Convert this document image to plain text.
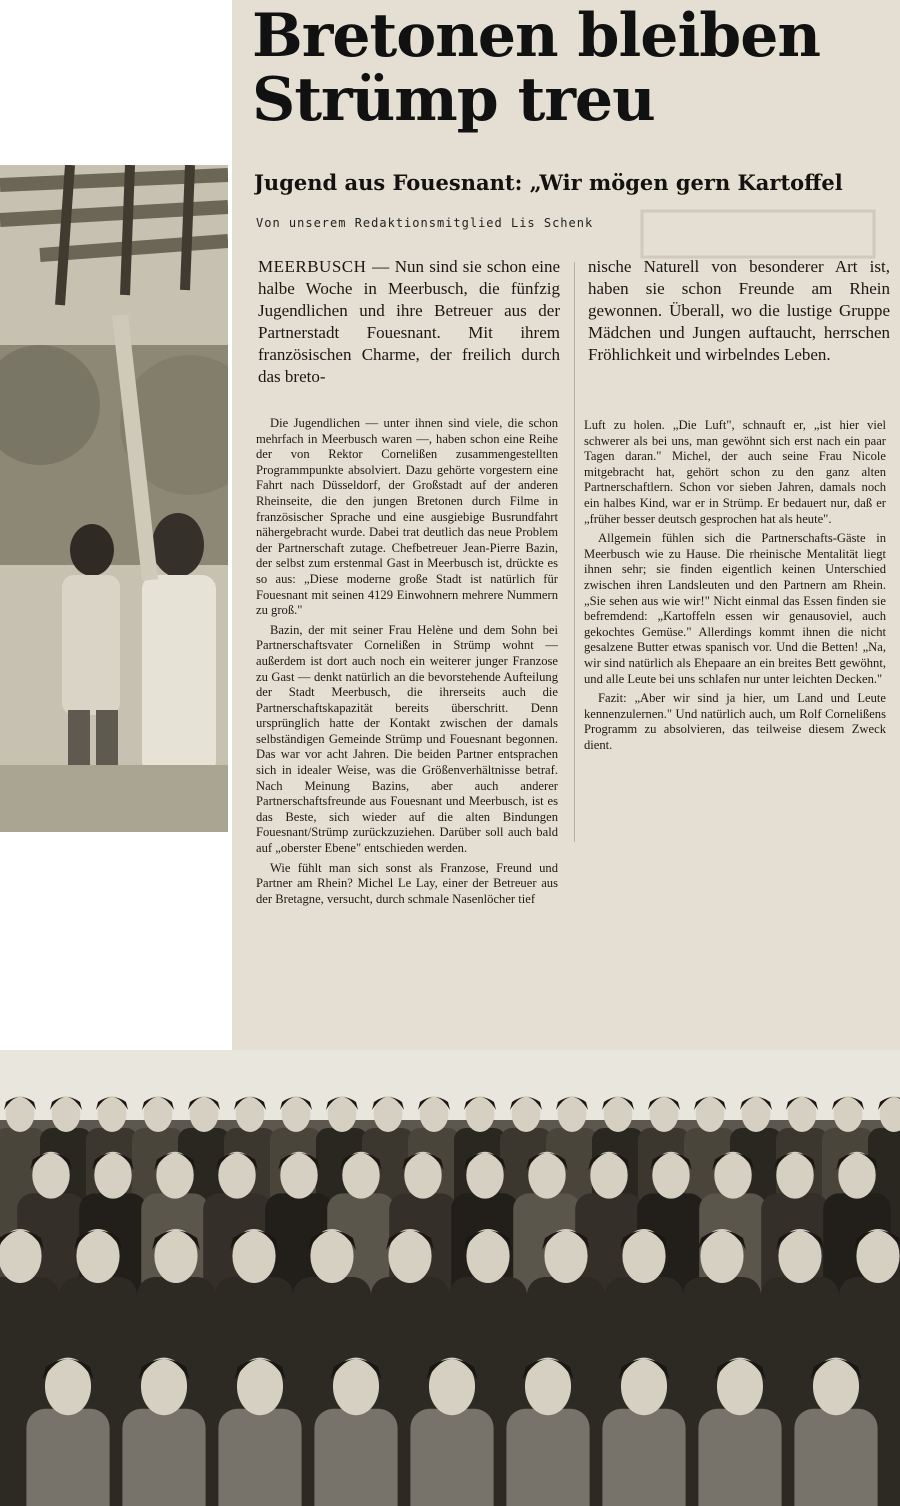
Bretonen bleiben Strümp treu
Jugend aus Fouesnant: „Wir mögen gern Kartoffel
Von unserem Redaktionsmitglied Lis Schenk

MEERBUSCH — Nun sind sie schon eine halbe Woche in Meerbusch, die fünfzig Jugendlichen und ihre Betreuer aus der Partnerstadt Fouesnant. Mit ihrem französischen Charme, der freilich durch das breto-

nische Naturell von besonderer Art ist, haben sie schon Freunde am Rhein gewonnen. Überall, wo die lustige Gruppe Mädchen und Jungen auftaucht, herrschen Fröhlichkeit und wirbelndes Leben.

Die Jugendlichen — unter ihnen sind viele, die schon mehrfach in Meerbusch waren —, haben schon eine Reihe der von Rektor Cornelißen zusammengestellten Programmpunkte absolviert. Dazu gehörte vorgestern eine Fahrt nach Düsseldorf, der Großstadt auf der anderen Rheinseite, die den jungen Bretonen durch Filme in französischer Sprache und eine ausgiebige Busrundfahrt nähergebracht wurde. Dabei trat deutlich das neue Problem der Partnerschaft zutage. Chefbetreuer Jean-Pierre Bazin, der selbst zum erstenmal Gast in Meerbusch ist, drückte es so aus: „Diese moderne große Stadt ist natürlich für Fouesnant mit seinen 4129 Einwohnern mehrere Nummern zu groß."

Bazin, der mit seiner Frau Helène und dem Sohn bei Partnerschaftsvater Cornelißen in Strümp wohnt — außerdem ist dort auch noch ein weiterer junger Franzose zu Gast — denkt natürlich an die bevorstehende Aufteilung der Stadt Meerbusch, die ihrerseits auch die Partnerschaftskapazität bereits überschritt. Denn ursprünglich hatte der Kontakt zwischen der damals selbständigen Gemeinde Strümp und Fouesnant begonnen. Das war vor acht Jahren. Die beiden Partner entsprachen sich in idealer Weise, was die Größenverhältnisse betraf. Nach Meinung Bazins, aber auch anderer Partnerschaftsfreunde aus Fouesnant und Meerbusch, ist es das Beste, sich wieder auf die alten Bindungen Fouesnant/Strümp zurückzuziehen. Darüber soll auch bald auf „oberster Ebene" entschieden werden.

Wie fühlt man sich sonst als Franzose, Freund und Partner am Rhein? Michel Le Lay, einer der Betreuer aus der Bretagne, versucht, durch schmale Nasenlöcher tief

Luft zu holen. „Die Luft", schnauft er, „ist hier viel schwerer als bei uns, man gewöhnt sich erst nach ein paar Tagen daran." Michel, der auch seine Frau Nicole mitgebracht hat, gehört schon zu den ganz alten Partnerschaftlern. Schon vor sieben Jahren, damals noch ein halbes Kind, war er in Strümp. Er bedauert nur, daß er „früher besser deutsch gesprochen hat als heute".

Allgemein fühlen sich die Partnerschafts-Gäste in Meerbusch wie zu Hause. Die rheinische Mentalität liegt ihnen sehr; sie finden eigentlich keinen Unterschied zwischen ihren Landsleuten und den Partnern am Rhein. „Sie sehen aus wie wir!" Nicht einmal das Essen finden sie befremdend: „Kartoffeln essen wir genausoviel, auch gekochtes Gemüse." Allerdings kommt ihnen die nicht gesalzene Butter etwas spanisch vor. Und die Betten! „Na, wir sind natürlich als Ehepaare an ein breites Bett gewöhnt, und alle Leute bei uns schlafen nur unter leichten Decken."

Fazit: „Aber wir sind ja hier, um Land und Leute kennenzulernen." Und natürlich auch, um Rolf Cornelißens Programm zu absolvieren, das teilweise diesem Zweck dient.
